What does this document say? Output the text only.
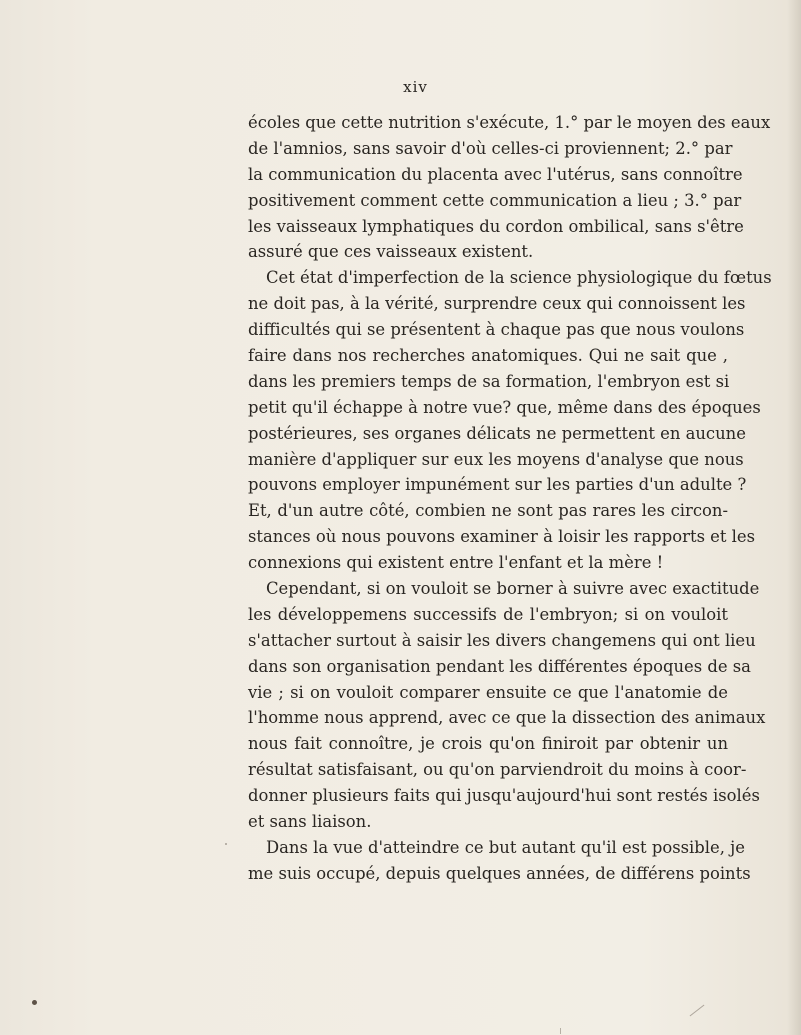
xiv
écoles que cette nutrition s'exécute, 1.° par le moyen des eaux
de l'amnios, sans savoir d'où celles-ci proviennent; 2.° par
la communication du placenta avec l'utérus, sans connoître
positivement comment cette communication a lieu ; 3.° par
les vaisseaux lymphatiques du cordon ombilical, sans s'être
assuré que ces vaisseaux existent.
Cet état d'imperfection de la science physiologique du fœtus
ne doit pas, à la vérité, surprendre ceux qui connoissent les
difficultés qui se présentent à chaque pas que nous voulons
faire dans nos recherches anatomiques. Qui ne sait que ,
dans les premiers temps de sa formation, l'embryon est si
petit qu'il échappe à notre vue? que, même dans des époques
postérieures, ses organes délicats ne permettent en aucune
manière d'appliquer sur eux les moyens d'analyse que nous
pouvons employer impunément sur les parties d'un adulte ?
Et, d'un autre côté, combien ne sont pas rares les circon-
stances où nous pouvons examiner à loisir les rapports et les
connexions qui existent entre l'enfant et la mère !
Cependant, si on vouloit se borner à suivre avec exactitude
les développemens successifs de l'embryon; si on vouloit
s'attacher surtout à saisir les divers changemens qui ont lieu
dans son organisation pendant les différentes époques de sa
vie ; si on vouloit comparer ensuite ce que l'anatomie de
l'homme nous apprend, avec ce que la dissection des animaux
nous fait connoître, je crois qu'on finiroit par obtenir un
résultat satisfaisant, ou qu'on parviendroit du moins à coor-
donner plusieurs faits qui jusqu'aujourd'hui sont restés isolés
et sans liaison.
Dans la vue d'atteindre ce but autant qu'il est possible, je
me suis occupé, depuis quelques années, de différens points
